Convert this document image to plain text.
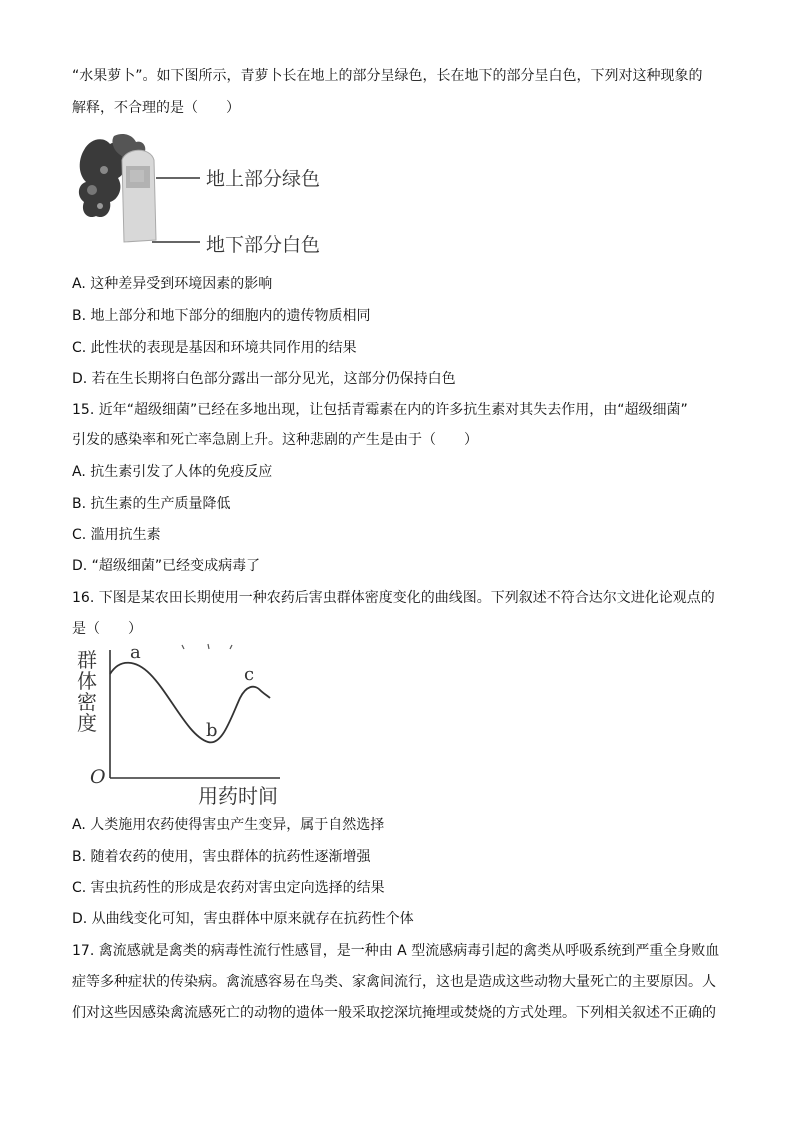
“水果萝卜”。如下图所示，青萝卜长在地上的部分呈绿色，长在地下的部分呈白色，下列对这种现象的
解释，不合理的是（　　）
地上部分绿色
地下部分白色
A. 这种差异受到环境因素的影响
B. 地上部分和地下部分的细胞内的遗传物质相同
C. 此性状的表现是基因和环境共同作用的结果
D. 若在生长期将白色部分露出一部分见光，这部分仍保持白色
15. 近年“超级细菌”已经在多地出现，让包括青霉素在内的许多抗生素对其失去作用，由“超级细菌”
引发的感染率和死亡率急剧上升。这种悲剧的产生是由于（　　）
A. 抗生素引发了人体的免疫反应
B. 抗生素的生产质量降低
C. 滥用抗生素
D. “超级细菌”已经变成病毒了
16. 下图是某农田长期使用一种农药后害虫群体密度变化的曲线图。下列叙述不符合达尔文进化论观点的
是（　　）
群体密度
用药时间
O
a
b
c
A. 人类施用农药使得害虫产生变异，属于自然选择
B. 随着农药的使用，害虫群体的抗药性逐渐增强
C. 害虫抗药性的形成是农药对害虫定向选择的结果
D. 从曲线变化可知，害虫群体中原来就存在抗药性个体
17. 禽流感就是禽类的病毒性流行性感冒，是一种由 A 型流感病毒引起的禽类从呼吸系统到严重全身败血
症等多种症状的传染病。禽流感容易在鸟类、家禽间流行，这也是造成这些动物大量死亡的主要原因。人
们对这些因感染禽流感死亡的动物的遗体一般采取挖深坑掩埋或焚烧的方式处理。下列相关叙述不正确的
